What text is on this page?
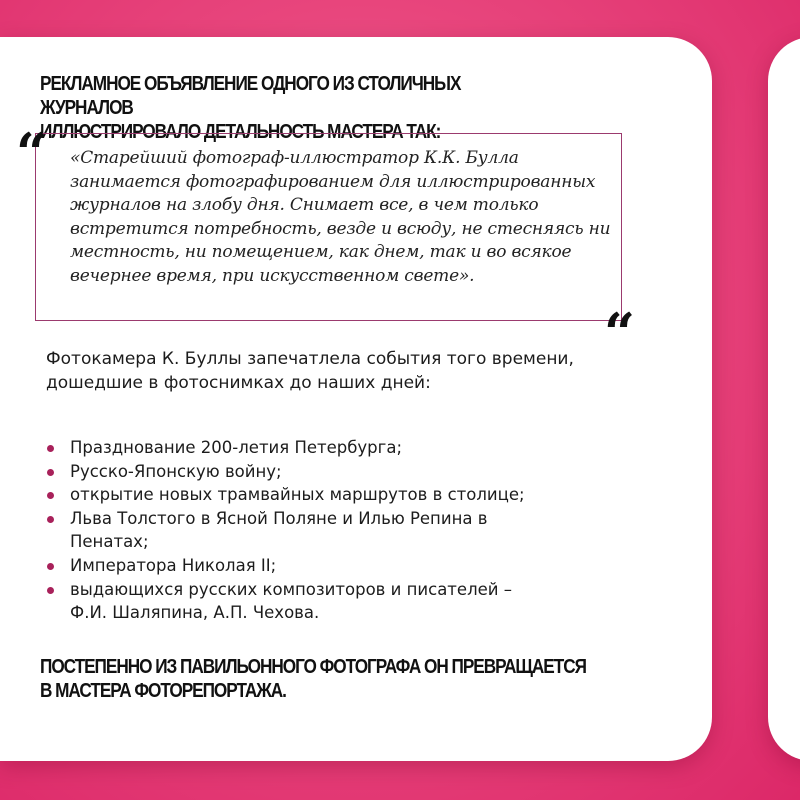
РЕКЛАМНОЕ ОБЪЯВЛЕНИЕ ОДНОГО ИЗ СТОЛИЧНЫХ ЖУРНАЛОВ
ИЛЛЮСТРИРОВАЛО ДЕТАЛЬНОСТЬ МАСТЕРА ТАК:

“ «Старейший фотограф-иллюстратор К.К. Булла занимается фотографированием для иллюстрированных журналов на злобу дня. Снимает все, в чем только встретится потребность, везде и всюду, не стесняясь ни местность, ни помещением, как днем, так и во всякое вечернее время, при искусственном свете».

“

Фотокамера К. Буллы запечатлела события того времени,
дошедшие в фотоснимках до наших дней:

Празднование 200-летия Петербурга;
Русско-Японскую войну;
открытие новых трамвайных маршрутов в столице;
Льва Толстого в Ясной Поляне и Илью Репина в
Пенатах;
Императора Николая II;
выдающихся русских композиторов и писателей –
Ф.И. Шаляпина, А.П. Чехова.

ПОСТЕПЕННО ИЗ ПАВИЛЬОННОГО ФОТОГРАФА ОН ПРЕВРАЩАЕТСЯ
В МАСТЕРА ФОТОРЕПОРТАЖА.
